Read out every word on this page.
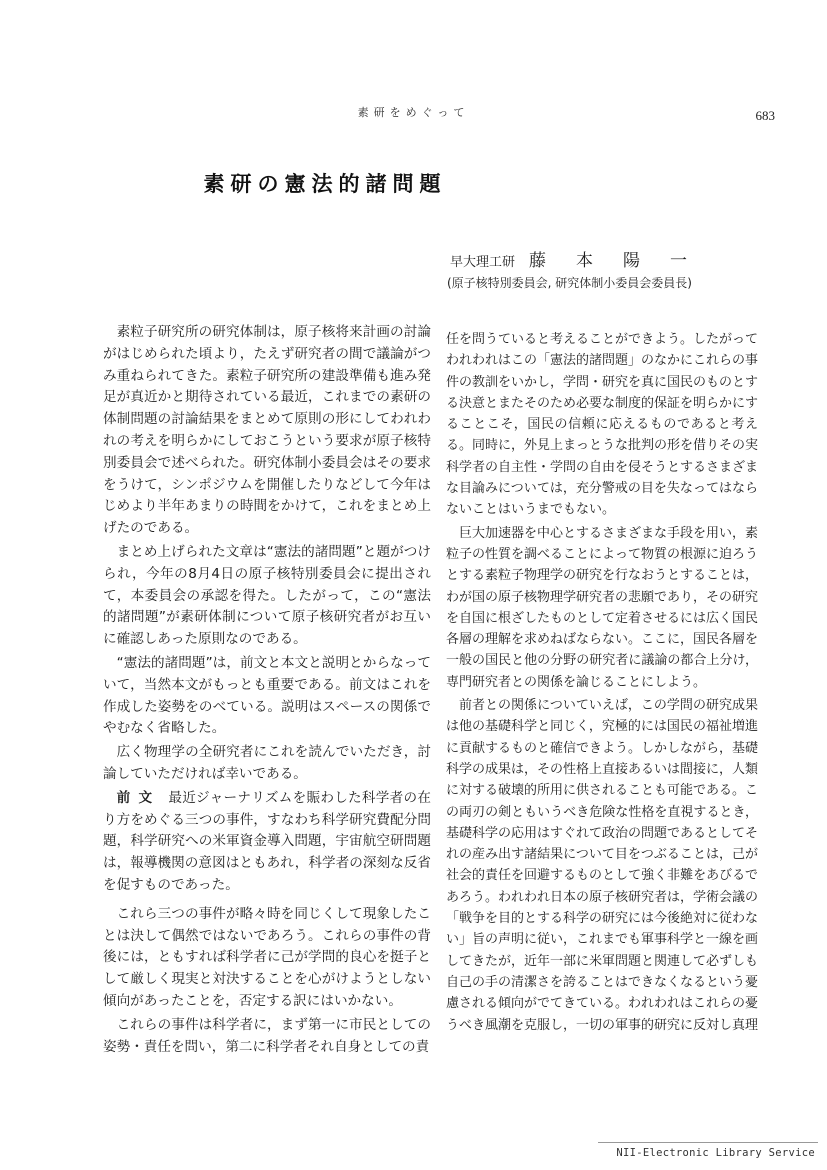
素研をめぐって	683
素研の憲法的諸問題
早大理工研 藤本陽一
(原子核特別委員会, 研究体制小委員会委員長)

素粒子研究所の研究体制は，原子核将来計画の討論がはじめられた頃より，たえず研究者の間で議論がつみ重ねられてきた。素粒子研究所の建設準備も進み発足が真近かと期待されている最近，これまでの素研の体制問題の討論結果をまとめて原則の形にしてわれわれの考えを明らかにしておこうという要求が原子核特別委員会で述べられた。研究体制小委員会はその要求をうけて，シンポジウムを開催したりなどして今年はじめより半年あまりの時間をかけて，これをまとめ上げたのである。

まとめ上げられた文章は“憲法的諸問題”と題がつけられ，今年の8月4日の原子核特別委員会に提出されて，本委員会の承認を得た。したがって，この“憲法的諸問題”が素研体制について原子核研究者がお互いに確認しあった原則なのである。

“憲法的諸問題”は，前文と本文と説明とからなっていて，当然本文がもっとも重要である。前文はこれを作成した姿勢をのべている。説明はスペースの関係でやむなく省略した。

広く物理学の全研究者にこれを読んでいただき，討論していただければ幸いである。

前文 最近ジャーナリズムを賑わした科学者の在り方をめぐる三つの事件，すなわち科学研究費配分問題，科学研究への米軍資金導入問題，宇宙航空研問題は，報導機関の意図はともあれ，科学者の深刻な反省を促すものであった。

これら三つの事件が略々時を同じくして現象したことは決して偶然ではないであろう。これらの事件の背後には，ともすれば科学者に己が学問的良心を挺子として厳しく現実と対決することを心がけようとしない傾向があったことを，否定する訳にはいかない。

これらの事件は科学者に，まず第一に市民としての姿勢・責任を問い，第二に科学者それ自身としての責

任を問うていると考えることができよう。したがってわれわれはこの「憲法的諸問題」のなかにこれらの事件の教訓をいかし，学問・研究を真に国民のものとする決意とまたそのため必要な制度的保証を明らかにすることこそ，国民の信頼に応えるものであると考える。同時に，外見上まっとうな批判の形を借りその実科学者の自主性・学問の自由を侵そうとするさまざまな目論みについては，充分警戒の目を失なってはならないことはいうまでもない。

巨大加速器を中心とするさまざまな手段を用い，素粒子の性質を調べることによって物質の根源に迫ろうとする素粒子物理学の研究を行なおうとすることは，わが国の原子核物理学研究者の悲願であり，その研究を自国に根ざしたものとして定着させるには広く国民各層の理解を求めねばならない。ここに，国民各層を一般の国民と他の分野の研究者に議論の都合上分け，専門研究者との関係を論じることにしよう。

前者との関係についていえば，この学問の研究成果は他の基礎科学と同じく，究極的には国民の福祉増進に貢献するものと確信できよう。しかしながら，基礎科学の成果は，その性格上直接あるいは間接に，人類に対する破壊的所用に供されることも可能である。この両刃の剣ともいうべき危険な性格を直視するとき，基礎科学の応用はすぐれて政治の問題であるとしてそれの産み出す諸結果について目をつぶることは，己が社会的責任を回避するものとして強く非難をあびるであろう。われわれ日本の原子核研究者は，学術会議の「戦争を目的とする科学の研究には今後絶対に従わない」旨の声明に従い，これまでも軍事科学と一線を画してきたが，近年一部に米軍問題と関連して必ずしも自己の手の清潔さを誇ることはできなくなるという憂慮される傾向がでてきている。われわれはこれらの憂うべき風潮を克服し，一切の軍事的研究に反対し真理

NII-Electronic Library Service
